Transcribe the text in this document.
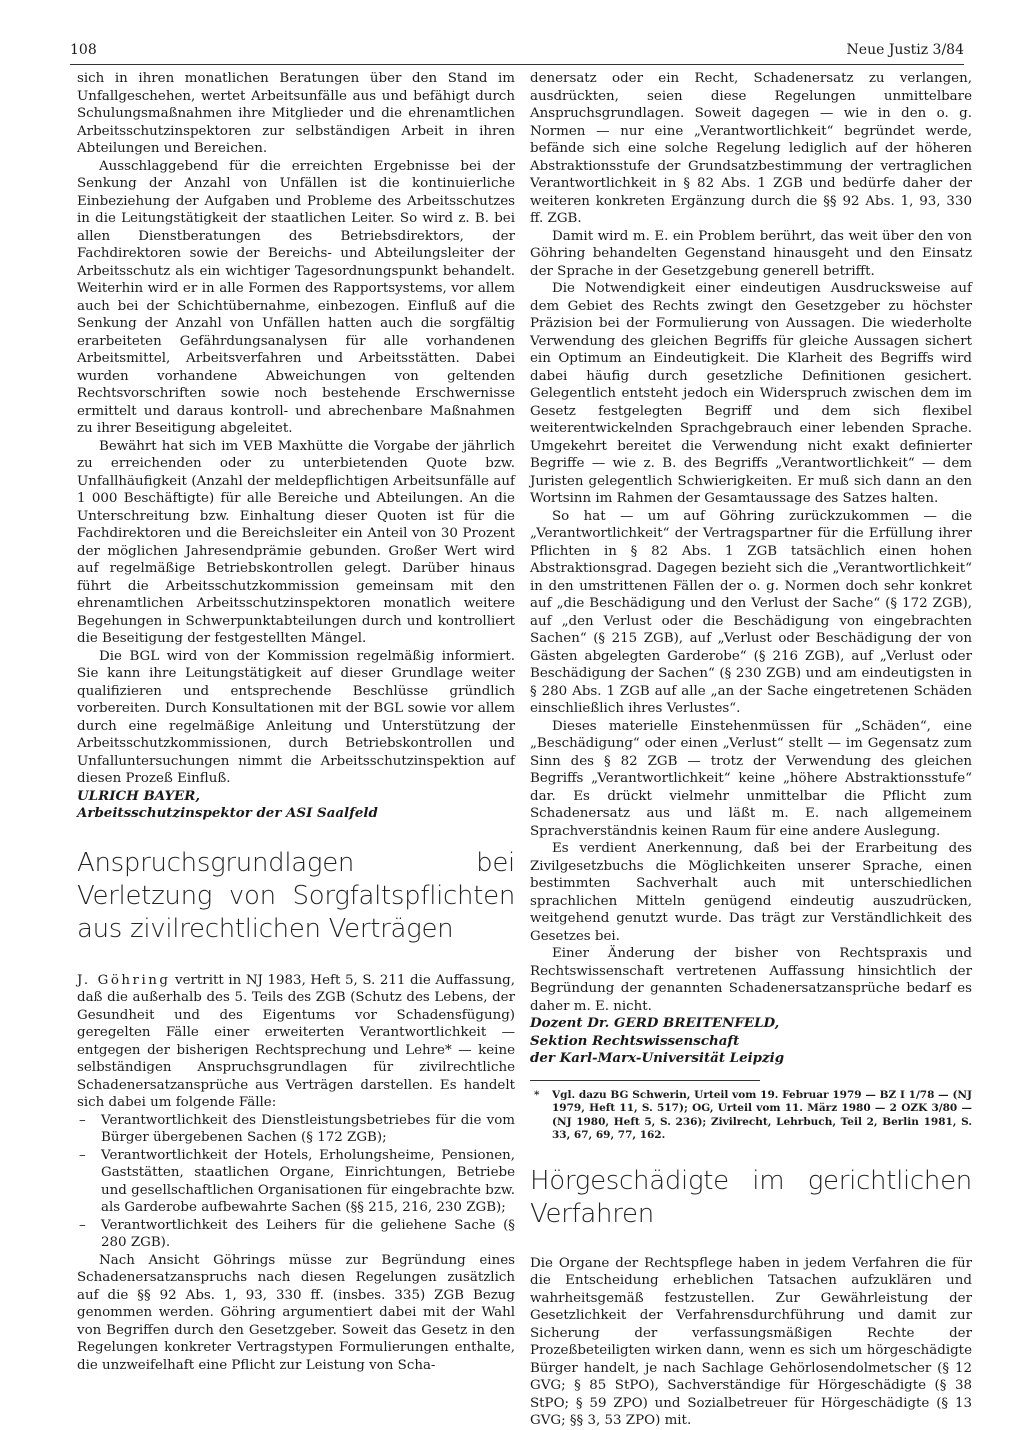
108	Neue Justiz 3/84

sich in ihren monatlichen Beratungen über den Stand im Unfallgeschehen, wertet Arbeitsunfälle aus und befähigt durch Schulungsmaßnahmen ihre Mitglieder und die ehrenamtlichen Arbeitsschutzinspektoren zur selbständigen Arbeit in ihren Abteilungen und Bereichen.

Ausschlaggebend für die erreichten Ergebnisse bei der Senkung der Anzahl von Unfällen ist die kontinuierliche Einbeziehung der Aufgaben und Probleme des Arbeitsschutzes in die Leitungstätigkeit der staatlichen Leiter. So wird z. B. bei allen Dienstberatungen des Betriebsdirektors, der Fachdirektoren sowie der Bereichs- und Abteilungsleiter der Arbeitsschutz als ein wichtiger Tagesordnungspunkt behandelt. Weiterhin wird er in alle Formen des Rapportsystems, vor allem auch bei der Schichtübernahme, einbezogen. Einfluß auf die Senkung der Anzahl von Unfällen hatten auch die sorgfältig erarbeiteten Gefährdungsanalysen für alle vorhandenen Arbeitsmittel, Arbeitsverfahren und Arbeitsstätten. Dabei wurden vorhandene Abweichungen von geltenden Rechtsvorschriften sowie noch bestehende Erschwernisse ermittelt und daraus kontroll- und abrechenbare Maßnahmen zu ihrer Beseitigung abgeleitet.

Bewährt hat sich im VEB Maxhütte die Vorgabe der jährlich zu erreichenden oder zu unterbietenden Quote bzw. Unfallhäufigkeit (Anzahl der meldepflichtigen Arbeitsunfälle auf 1 000 Beschäftigte) für alle Bereiche und Abteilungen. An die Unterschreitung bzw. Einhaltung dieser Quoten ist für die Fachdirektoren und die Bereichsleiter ein Anteil von 30 Prozent der möglichen Jahresendprämie gebunden. Großer Wert wird auf regelmäßige Betriebskontrollen gelegt. Darüber hinaus führt die Arbeitsschutzkommission gemeinsam mit den ehrenamtlichen Arbeitsschutzinspektoren monatlich weitere Begehungen in Schwerpunktabteilungen durch und kontrolliert die Beseitigung der festgestellten Mängel.

Die BGL wird von der Kommission regelmäßig informiert. Sie kann ihre Leitungstätigkeit auf dieser Grundlage weiter qualifizieren und entsprechende Beschlüsse gründlich vorbereiten. Durch Konsultationen mit der BGL sowie vor allem durch eine regelmäßige Anleitung und Unterstützung der Arbeitsschutzkommissionen, durch Betriebskontrollen und Unfalluntersuchungen nimmt die Arbeitsschutzinspektion auf diesen Prozeß Einfluß.

ULRICH BAYER,

Arbeitsschutzinspektor der ASI Saalfeld

Anspruchsgrundlagen bei Verletzung von Sorgfaltspflichten aus zivilrechtlichen Verträgen

J. Göhring vertritt in NJ 1983, Heft 5, S. 211 die Auffassung, daß die außerhalb des 5. Teils des ZGB (Schutz des Lebens, der Gesundheit und des Eigentums vor Schadensfügung) geregelten Fälle einer erweiterten Verantwortlichkeit — entgegen der bisherigen Rechtsprechung und Lehre* — keine selbständigen Anspruchsgrundlagen für zivilrechtliche Schadenersatzansprüche aus Verträgen darstellen. Es handelt sich dabei um folgende Fälle:

– Verantwortlichkeit des Dienstleistungsbetriebes für die vom Bürger übergebenen Sachen (§ 172 ZGB);
– Verantwortlichkeit der Hotels, Erholungsheime, Pensionen, Gaststätten, staatlichen Organe, Einrichtungen, Betriebe und gesellschaftlichen Organisationen für eingebrachte bzw. als Garderobe aufbewahrte Sachen (§§ 215, 216, 230 ZGB);
– Verantwortlichkeit des Leihers für die geliehene Sache (§ 280 ZGB).

Nach Ansicht Göhrings müsse zur Begründung eines Schadenersatzanspruchs nach diesen Regelungen zusätzlich auf die §§ 92 Abs. 1, 93, 330 ff. (insbes. 335) ZGB Bezug genommen werden. Göhring argumentiert dabei mit der Wahl von Begriffen durch den Gesetzgeber. Soweit das Gesetz in den Regelungen konkreter Vertragstypen Formulierungen enthalte, die unzweifelhaft eine Pflicht zur Leistung von Scha-

denersatz oder ein Recht, Schadenersatz zu verlangen, ausdrückten, seien diese Regelungen unmittelbare Anspruchsgrundlagen. Soweit dagegen — wie in den o. g. Normen — nur eine „Verantwortlichkeit“ begründet werde, befände sich eine solche Regelung lediglich auf der höheren Abstraktionsstufe der Grundsatzbestimmung der vertraglichen Verantwortlichkeit in § 82 Abs. 1 ZGB und bedürfe daher der weiteren konkreten Ergänzung durch die §§ 92 Abs. 1, 93, 330 ff. ZGB.

Damit wird m. E. ein Problem berührt, das weit über den von Göhring behandelten Gegenstand hinausgeht und den Einsatz der Sprache in der Gesetzgebung generell betrifft.

Die Notwendigkeit einer eindeutigen Ausdrucksweise auf dem Gebiet des Rechts zwingt den Gesetzgeber zu höchster Präzision bei der Formulierung von Aussagen. Die wiederholte Verwendung des gleichen Begriffs für gleiche Aussagen sichert ein Optimum an Eindeutigkeit. Die Klarheit des Begriffs wird dabei häufig durch gesetzliche Definitionen gesichert. Gelegentlich entsteht jedoch ein Widerspruch zwischen dem im Gesetz festgelegten Begriff und dem sich flexibel weiterentwickelnden Sprachgebrauch einer lebenden Sprache. Umgekehrt bereitet die Verwendung nicht exakt definierter Begriffe — wie z. B. des Begriffs „Verantwortlichkeit“ — dem Juristen gelegentlich Schwierigkeiten. Er muß sich dann an den Wortsinn im Rahmen der Gesamtaussage des Satzes halten.

So hat — um auf Göhring zurückzukommen — die „Verantwortlichkeit“ der Vertragspartner für die Erfüllung ihrer Pflichten in § 82 Abs. 1 ZGB tatsächlich einen hohen Abstraktionsgrad. Dagegen bezieht sich die „Verantwortlichkeit“ in den umstrittenen Fällen der o. g. Normen doch sehr konkret auf „die Beschädigung und den Verlust der Sache“ (§ 172 ZGB), auf „den Verlust oder die Beschädigung von eingebrachten Sachen“ (§ 215 ZGB), auf „Verlust oder Beschädigung der von Gästen abgelegten Garderobe“ (§ 216 ZGB), auf „Verlust oder Beschädigung der Sachen“ (§ 230 ZGB) und am eindeutigsten in § 280 Abs. 1 ZGB auf alle „an der Sache eingetretenen Schäden einschließlich ihres Verlustes“.

Dieses materielle Einstehenmüssen für „Schäden“, eine „Beschädigung“ oder einen „Verlust“ stellt — im Gegensatz zum Sinn des § 82 ZGB — trotz der Verwendung des gleichen Begriffs „Verantwortlichkeit“ keine „höhere Abstraktionsstufe“ dar. Es drückt vielmehr unmittelbar die Pflicht zum Schadenersatz aus und läßt m. E. nach allgemeinem Sprachverständnis keinen Raum für eine andere Auslegung.

Es verdient Anerkennung, daß bei der Erarbeitung des Zivilgesetzbuchs die Möglichkeiten unserer Sprache, einen bestimmten Sachverhalt auch mit unterschiedlichen sprachlichen Mitteln genügend eindeutig auszudrücken, weitgehend genutzt wurde. Das trägt zur Verständlichkeit des Gesetzes bei.

Einer Änderung der bisher von Rechtspraxis und Rechtswissenschaft vertretenen Auffassung hinsichtlich der Begründung der genannten Schadenersatzansprüche bedarf es daher m. E. nicht.

Dozent Dr. GERD BREITENFELD,

Sektion Rechtswissenschaft

der Karl-Marx-Universität Leipzig

* Vgl. dazu BG Schwerin, Urteil vom 19. Februar 1979 — BZ I 1/78 — (NJ 1979, Heft 11, S. 517); OG, Urteil vom 11. März 1980 — 2 OZK 3/80 — (NJ 1980, Heft 5, S. 236); Zivilrecht, Lehrbuch, Teil 2, Berlin 1981, S. 33, 67, 69, 77, 162.

Hörgeschädigte im gerichtlichen Verfahren

Die Organe der Rechtspflege haben in jedem Verfahren die für die Entscheidung erheblichen Tatsachen aufzuklären und wahrheitsgemäß festzustellen. Zur Gewährleistung der Gesetzlichkeit der Verfahrensdurchführung und damit zur Sicherung der verfassungsmäßigen Rechte der Prozeßbeteiligten wirken dann, wenn es sich um hörgeschädigte Bürger handelt, je nach Sachlage Gehörlosendolmetscher (§ 12 GVG; § 85 StPO), Sachverständige für Hörgeschädigte (§ 38 StPO; § 59 ZPO) und Sozialbetreuer für Hörgeschädigte (§ 13 GVG; §§ 3, 53 ZPO) mit.
